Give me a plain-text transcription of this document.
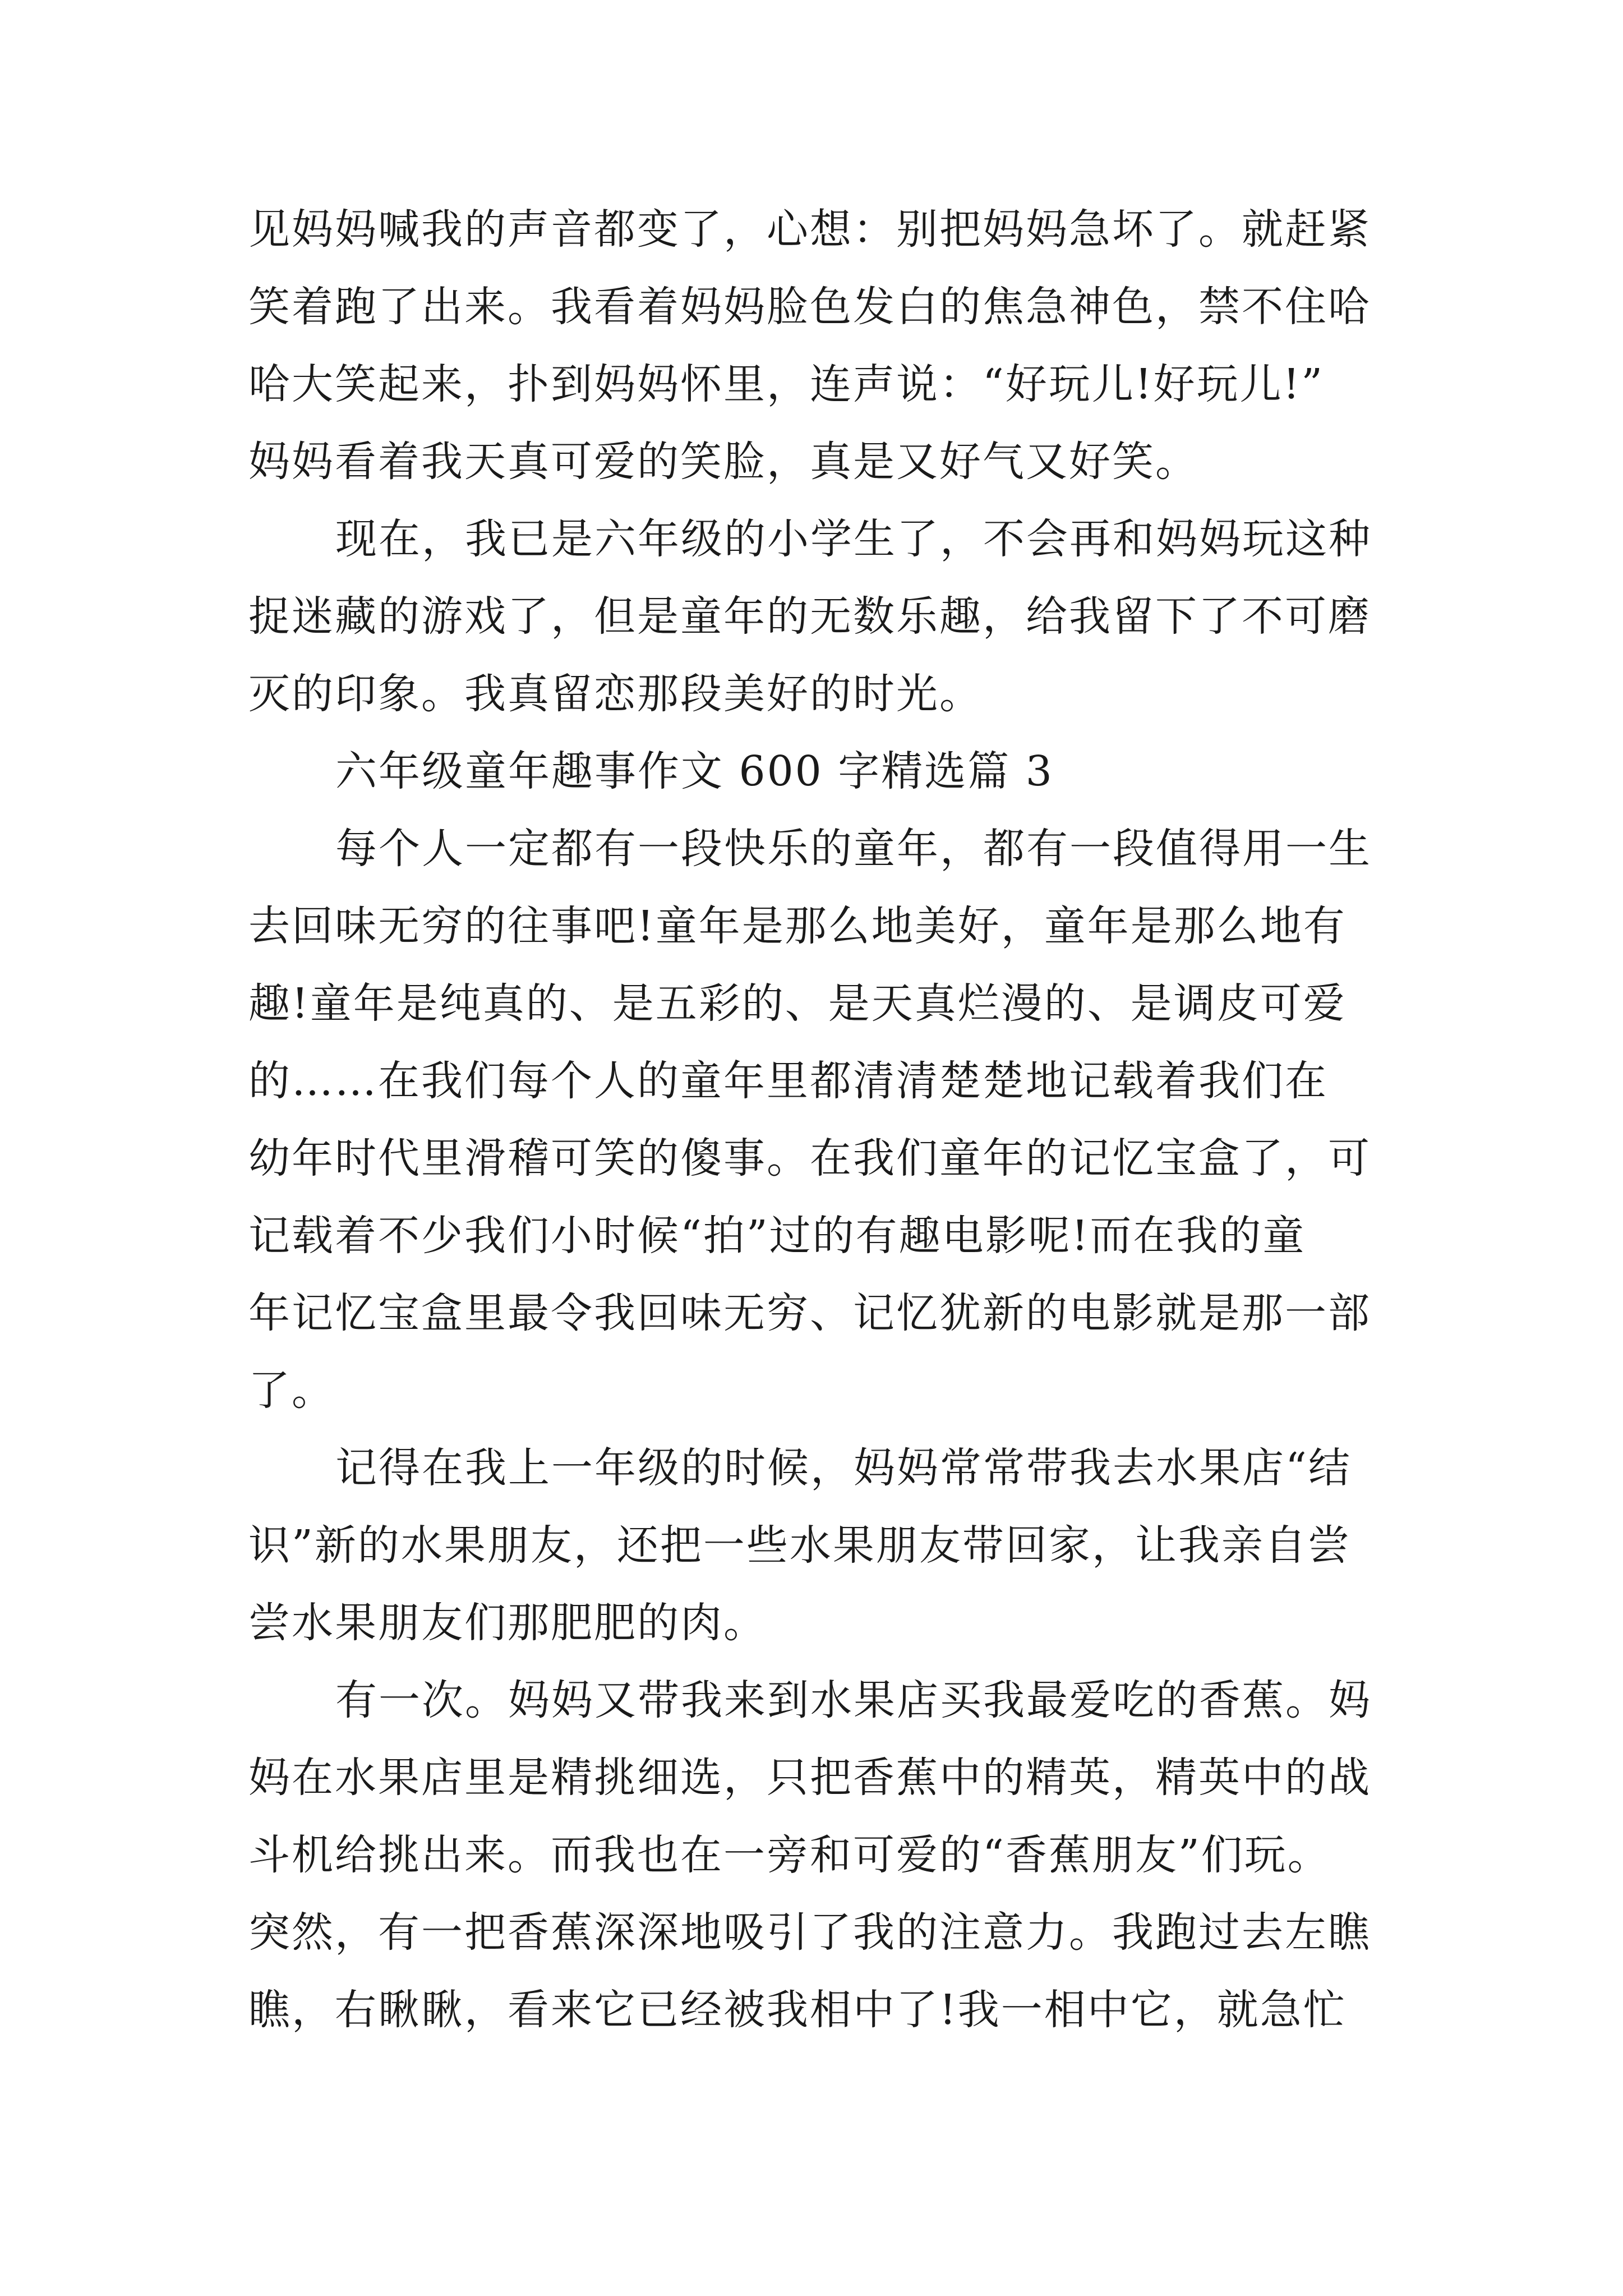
见妈妈喊我的声音都变了，心想：别把妈妈急坏了。就赶紧
笑着跑了出来。我看着妈妈脸色发白的焦急神色，禁不住哈
哈大笑起来，扑到妈妈怀里，连声说：“好玩儿!好玩儿!”
妈妈看着我天真可爱的笑脸，真是又好气又好笑。
现在，我已是六年级的小学生了，不会再和妈妈玩这种
捉迷藏的游戏了，但是童年的无数乐趣，给我留下了不可磨
灭的印象。我真留恋那段美好的时光。
六年级童年趣事作文 600 字精选篇 3
每个人一定都有一段快乐的童年，都有一段值得用一生
去回味无穷的往事吧!童年是那么地美好，童年是那么地有
趣!童年是纯真的、是五彩的、是天真烂漫的、是调皮可爱
的……在我们每个人的童年里都清清楚楚地记载着我们在
幼年时代里滑稽可笑的傻事。在我们童年的记忆宝盒了，可
记载着不少我们小时候“拍”过的有趣电影呢!而在我的童
年记忆宝盒里最令我回味无穷、记忆犹新的电影就是那一部
了。
记得在我上一年级的时候，妈妈常常带我去水果店“结
识”新的水果朋友，还把一些水果朋友带回家，让我亲自尝
尝水果朋友们那肥肥的肉。
有一次。妈妈又带我来到水果店买我最爱吃的香蕉。妈
妈在水果店里是精挑细选，只把香蕉中的精英，精英中的战
斗机给挑出来。而我也在一旁和可爱的“香蕉朋友”们玩。
突然，有一把香蕉深深地吸引了我的注意力。我跑过去左瞧
瞧，右瞅瞅，看来它已经被我相中了!我一相中它，就急忙
